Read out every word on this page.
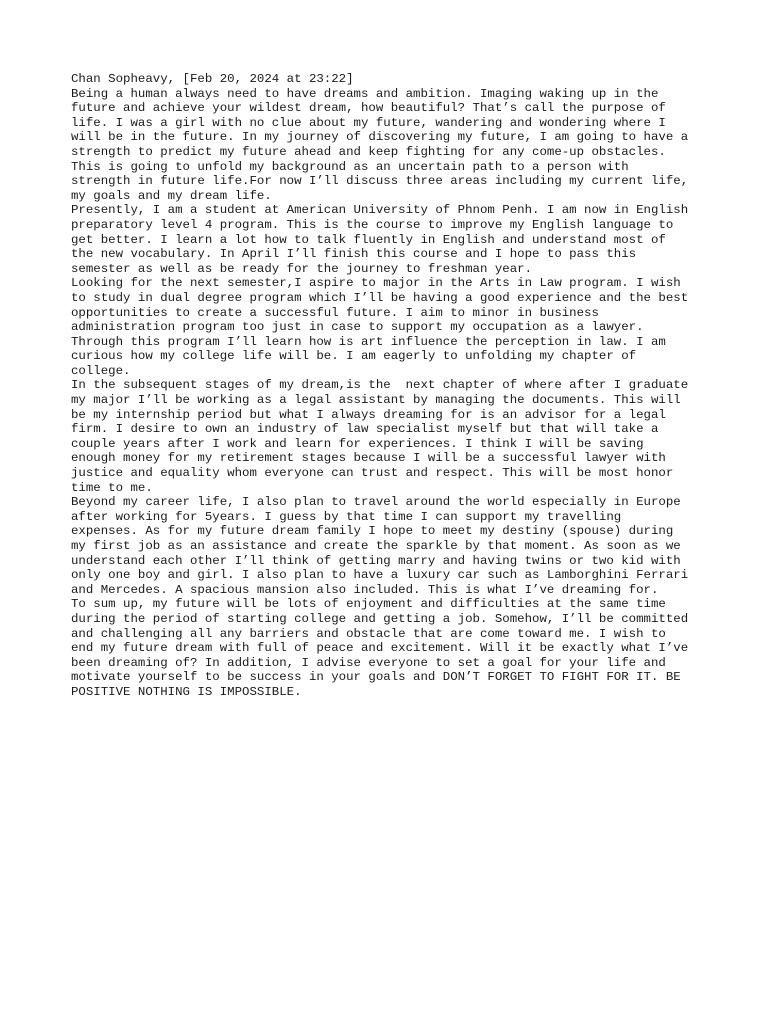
Chan Sopheavy, [Feb 20, 2024 at 23:22]
Being a human always need to have dreams and ambition. Imaging waking up in the
future and achieve your wildest dream, how beautiful? That’s call the purpose of
life. I was a girl with no clue about my future, wandering and wondering where I
will be in the future. In my journey of discovering my future, I am going to have a
strength to predict my future ahead and keep fighting for any come-up obstacles.
This is going to unfold my background as an uncertain path to a person with
strength in future life.For now I’ll discuss three areas including my current life,
my goals and my dream life.
Presently, I am a student at American University of Phnom Penh. I am now in English
preparatory level 4 program. This is the course to improve my English language to
get better. I learn a lot how to talk fluently in English and understand most of
the new vocabulary. In April I’ll finish this course and I hope to pass this
semester as well as be ready for the journey to freshman year.
Looking for the next semester,I aspire to major in the Arts in Law program. I wish
to study in dual degree program which I’ll be having a good experience and the best
opportunities to create a successful future. I aim to minor in business
administration program too just in case to support my occupation as a lawyer.
Through this program I’ll learn how is art influence the perception in law. I am
curious how my college life will be. I am eagerly to unfolding my chapter of
college.
In the subsequent stages of my dream,is the  next chapter of where after I graduate
my major I’ll be working as a legal assistant by managing the documents. This will
be my internship period but what I always dreaming for is an advisor for a legal
firm. I desire to own an industry of law specialist myself but that will take a
couple years after I work and learn for experiences. I think I will be saving
enough money for my retirement stages because I will be a successful lawyer with
justice and equality whom everyone can trust and respect. This will be most honor
time to me.
Beyond my career life, I also plan to travel around the world especially in Europe
after working for 5years. I guess by that time I can support my travelling
expenses. As for my future dream family I hope to meet my destiny (spouse) during
my first job as an assistance and create the sparkle by that moment. As soon as we
understand each other I’ll think of getting marry and having twins or two kid with
only one boy and girl. I also plan to have a luxury car such as Lamborghini Ferrari
and Mercedes. A spacious mansion also included. This is what I’ve dreaming for.
To sum up, my future will be lots of enjoyment and difficulties at the same time
during the period of starting college and getting a job. Somehow, I’ll be committed
and challenging all any barriers and obstacle that are come toward me. I wish to
end my future dream with full of peace and excitement. Will it be exactly what I’ve
been dreaming of? In addition, I advise everyone to set a goal for your life and
motivate yourself to be success in your goals and DON’T FORGET TO FIGHT FOR IT. BE
POSITIVE NOTHING IS IMPOSSIBLE.
